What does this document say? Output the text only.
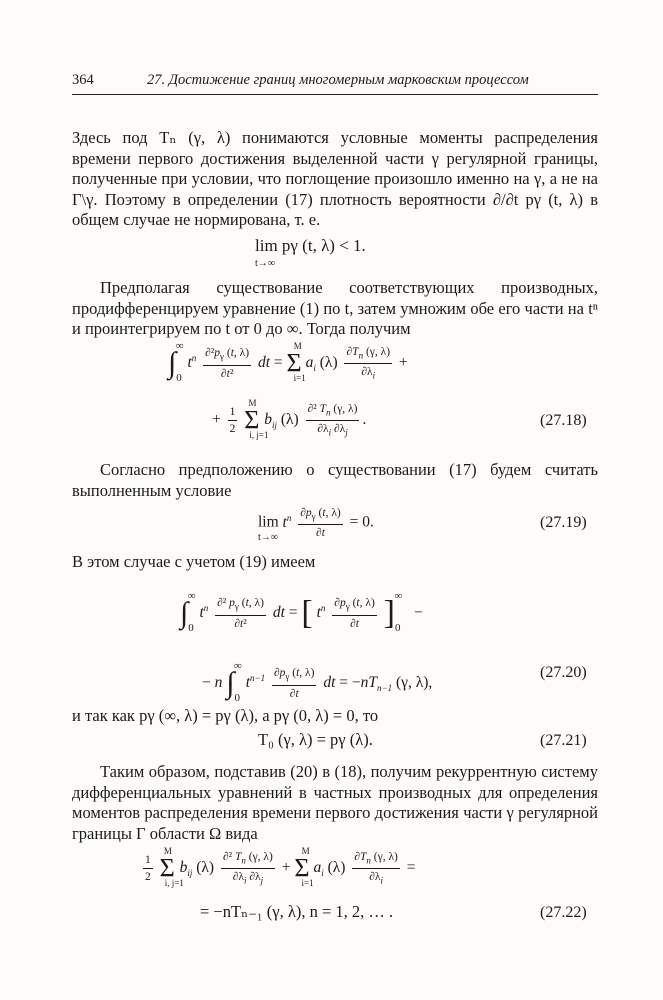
364	27. Достижение границ многомерным марковским процессом

Здесь под Tₙ (γ, λ) понимаются условные моменты распределения времени первого достижения выделенной части γ регулярной границы, полученные при условии, что поглощение произошло именно на γ, а не на Γ\γ. Поэтому в определении (17) плотность вероятности ∂/∂t pγ (t, λ) в общем случае не нормирована, т. е.

lim pγ (t, λ) < 1.
t→∞

Предполагая существование соответствующих производных, продифференцируем уравнение (1) по t, затем умножим обе его части на tⁿ и проинтегрируем по t от 0 до ∞. Тогда получим

$\int_0^\infty$ $t^n \frac{\partial^2p_\gamma (t, \lambda)}{\text{∂t²}}$ dt = $\Sigma_{i=1}^M$ $a_i$ $(\lambda) \frac{\partial T_n (\gamma, \lambda)}{\partial\lambda_i}$ +
+ $\frac{1}{2} \Sigma_{i, j=1}^M$  $b_{ij}$ $(\lambda) \frac{\partial^2 T_n (\gamma, \lambda)}{\partial\lambda_i \partial\lambda_j}$ .	(27.18)

Согласно предположению о существовании (17) будем считать выполненным условие

$\lim t^n \frac{\partial p_\gamma (t, \lambda)}{\partial t} = 0$.
t→∞
(27.19)

В этом случае с учетом (19) имеем

$\int_0^\infty$ $t^n \frac{\partial^2 p_\gamma (t, \lambda)}{\text{∂t²}}$ dt = [ $t^n \frac{\partial p_\gamma (t, \lambda)}{\partial t} ]_0^\infty$   −
− n $\int_0^\infty$ $t^{n-1} \frac{\partial p_\gamma (t, \lambda)}{\partial t}$ dt = $-nT_{n-1}$ (γ, λ),
(27.20)

и так как pγ (∞, λ) = pγ (λ), а pγ (0, λ) = 0, то

T₀ (γ, λ) = pγ (λ).	(27.21)

Таким образом, подставив (20) в (18), получим рекуррентную систему дифференциальных уравнений в частных производных для определения моментов распределения времени первого достижения части γ регулярной границы Γ области Ω вида

$\frac{1}{2} \Sigma_{i, j=1}^M$  $b_{ij}$ $(\lambda) \frac{\partial^2 T_n (\gamma, \lambda)}{\partial\lambda_i \partial\lambda_j} + \Sigma_{i=1}^M$ $a_i$ $(\lambda) \frac{\partial T_n (\gamma, \lambda)}{\partial\lambda_i}$ =
= −nTₙ₋₁ (γ, λ), n = 1, 2, … .	(27.22)
